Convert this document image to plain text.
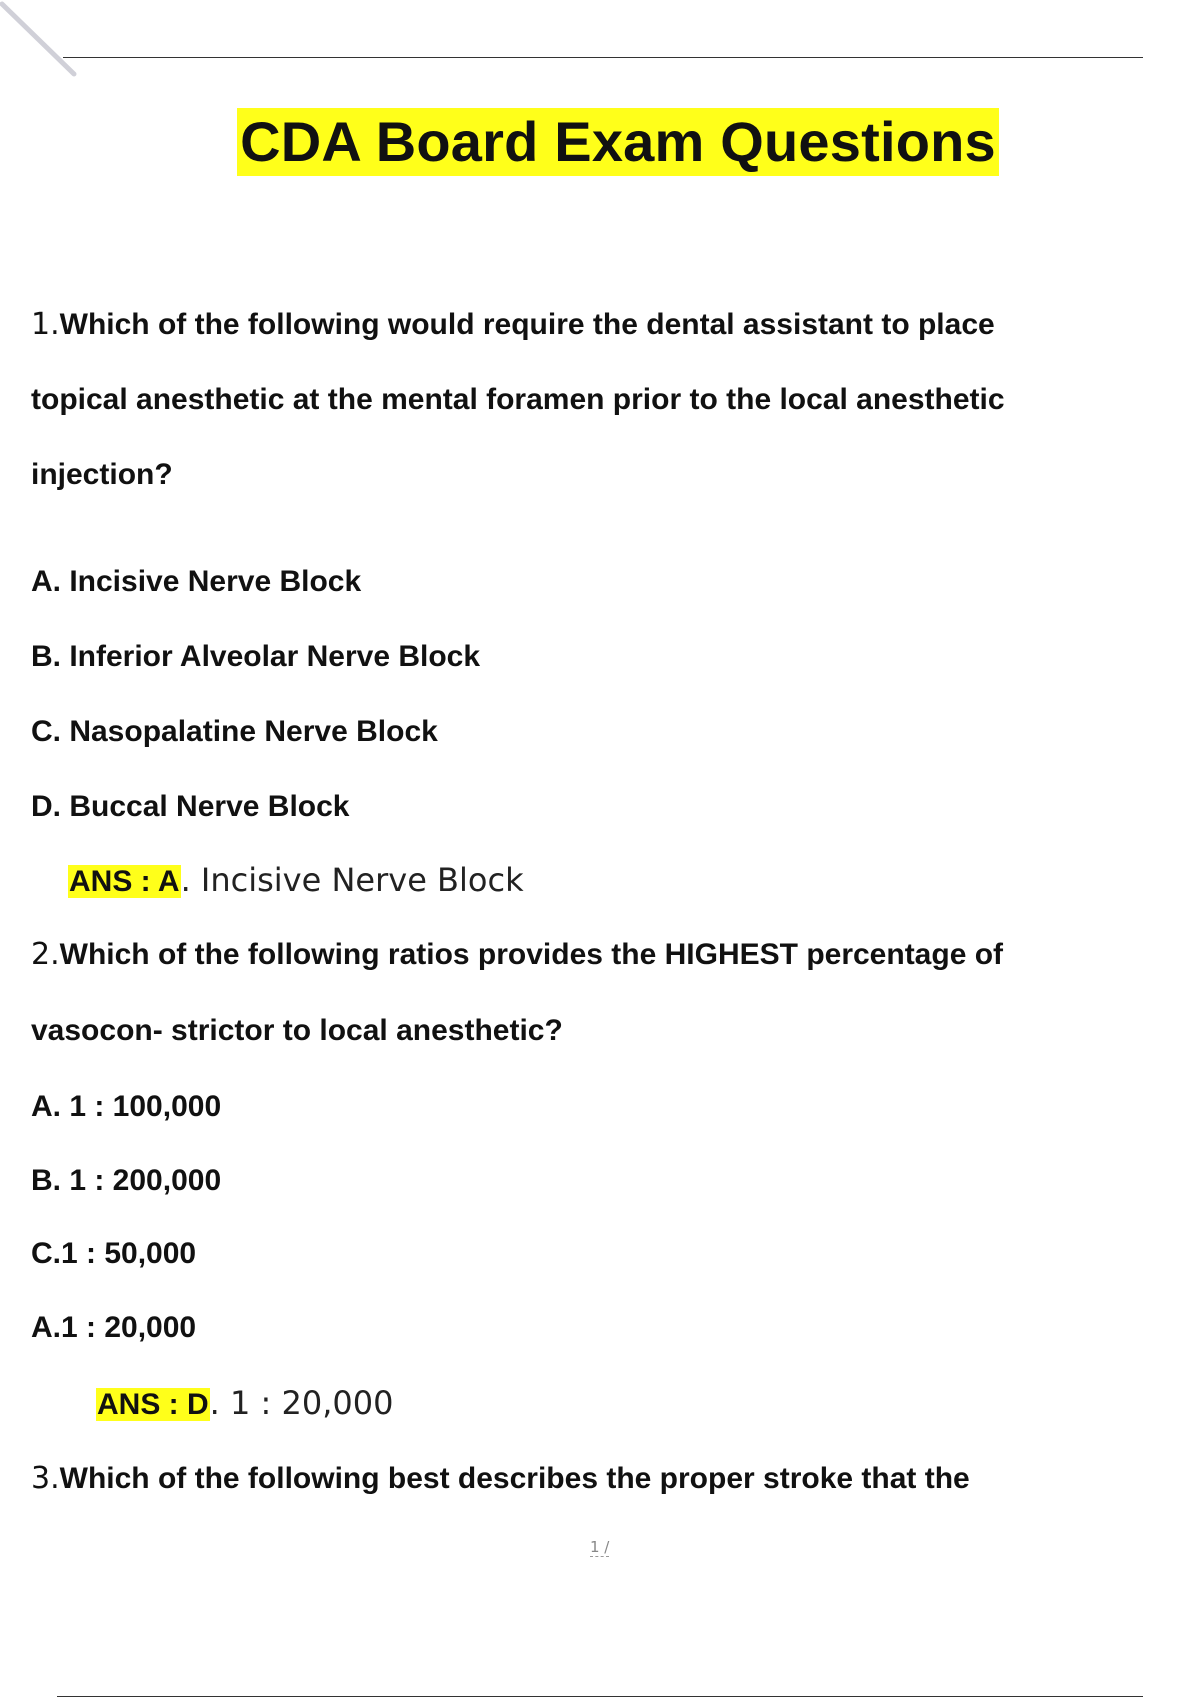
CDA Board Exam Questions
1.Which of the following would require the dental assistant to place
topical anesthetic at the mental foramen prior to the local anesthetic
injection?
A. Incisive Nerve Block
B. Inferior Alveolar Nerve Block
C. Nasopalatine Nerve Block
D. Buccal Nerve Block
ANS : A. Incisive Nerve Block
2.Which of the following ratios provides the HIGHEST percentage of
vasocon- strictor to local anesthetic?
A. 1 : 100,000
B. 1 : 200,000
C.1 : 50,000
A.1 : 20,000
ANS : D. 1 : 20,000
3.Which of the following best describes the proper stroke that the
1 /
